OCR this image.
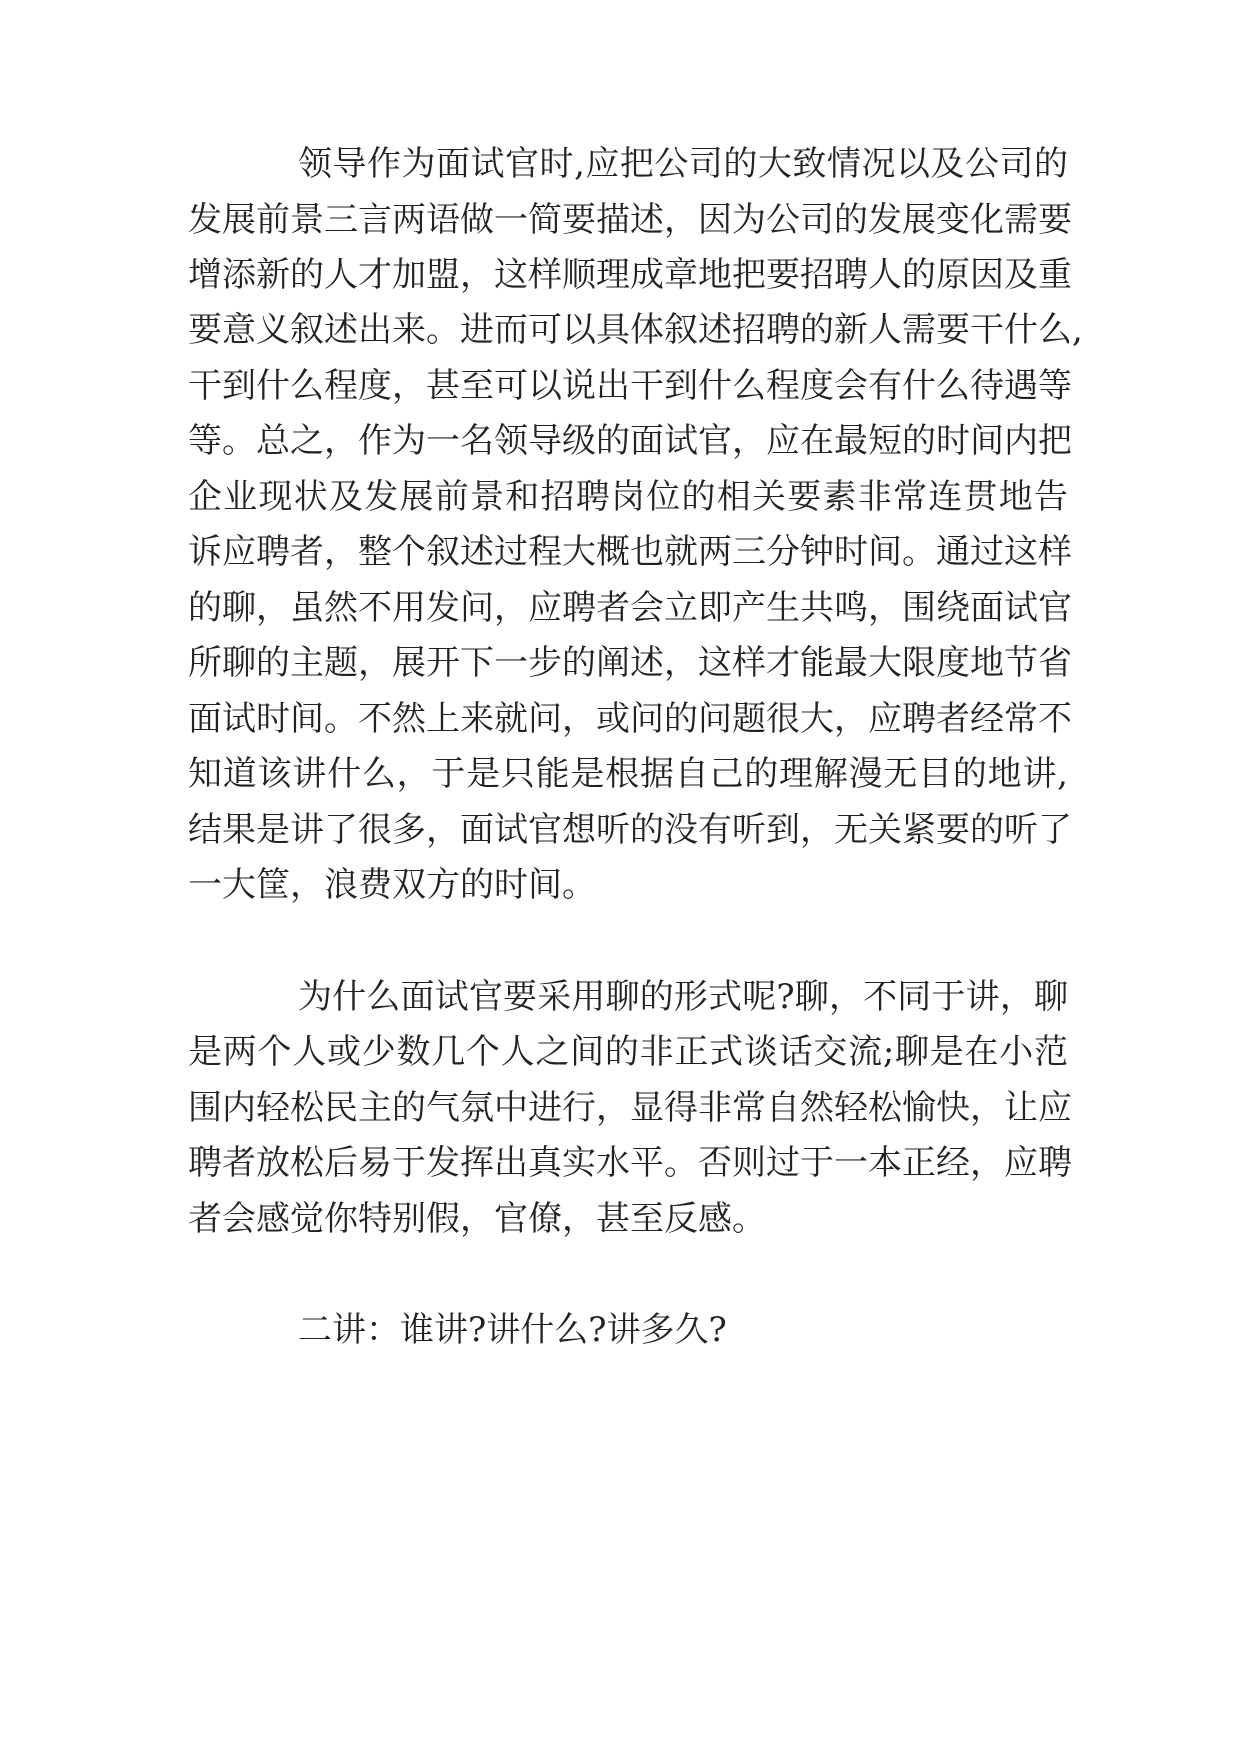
领导作为面试官时,应把公司的大致情况以及公司的
发展前景三言两语做一简要描述，因为公司的发展变化需要
增添新的人才加盟，这样顺理成章地把要招聘人的原因及重
要意义叙述出来。进而可以具体叙述招聘的新人需要干什么,
干到什么程度，甚至可以说出干到什么程度会有什么待遇等
等。总之，作为一名领导级的面试官，应在最短的时间内把
企业现状及发展前景和招聘岗位的相关要素非常连贯地告
诉应聘者，整个叙述过程大概也就两三分钟时间。通过这样
的聊，虽然不用发问，应聘者会立即产生共鸣，围绕面试官
所聊的主题，展开下一步的阐述，这样才能最大限度地节省
面试时间。不然上来就问，或问的问题很大，应聘者经常不
知道该讲什么，于是只能是根据自己的理解漫无目的地讲,
结果是讲了很多，面试官想听的没有听到，无关紧要的听了
一大筐，浪费双方的时间。
为什么面试官要采用聊的形式呢?聊，不同于讲，聊
是两个人或少数几个人之间的非正式谈话交流;聊是在小范
围内轻松民主的气氛中进行，显得非常自然轻松愉快，让应
聘者放松后易于发挥出真实水平。否则过于一本正经，应聘
者会感觉你特别假，官僚，甚至反感。
二讲：谁讲?讲什么?讲多久?
